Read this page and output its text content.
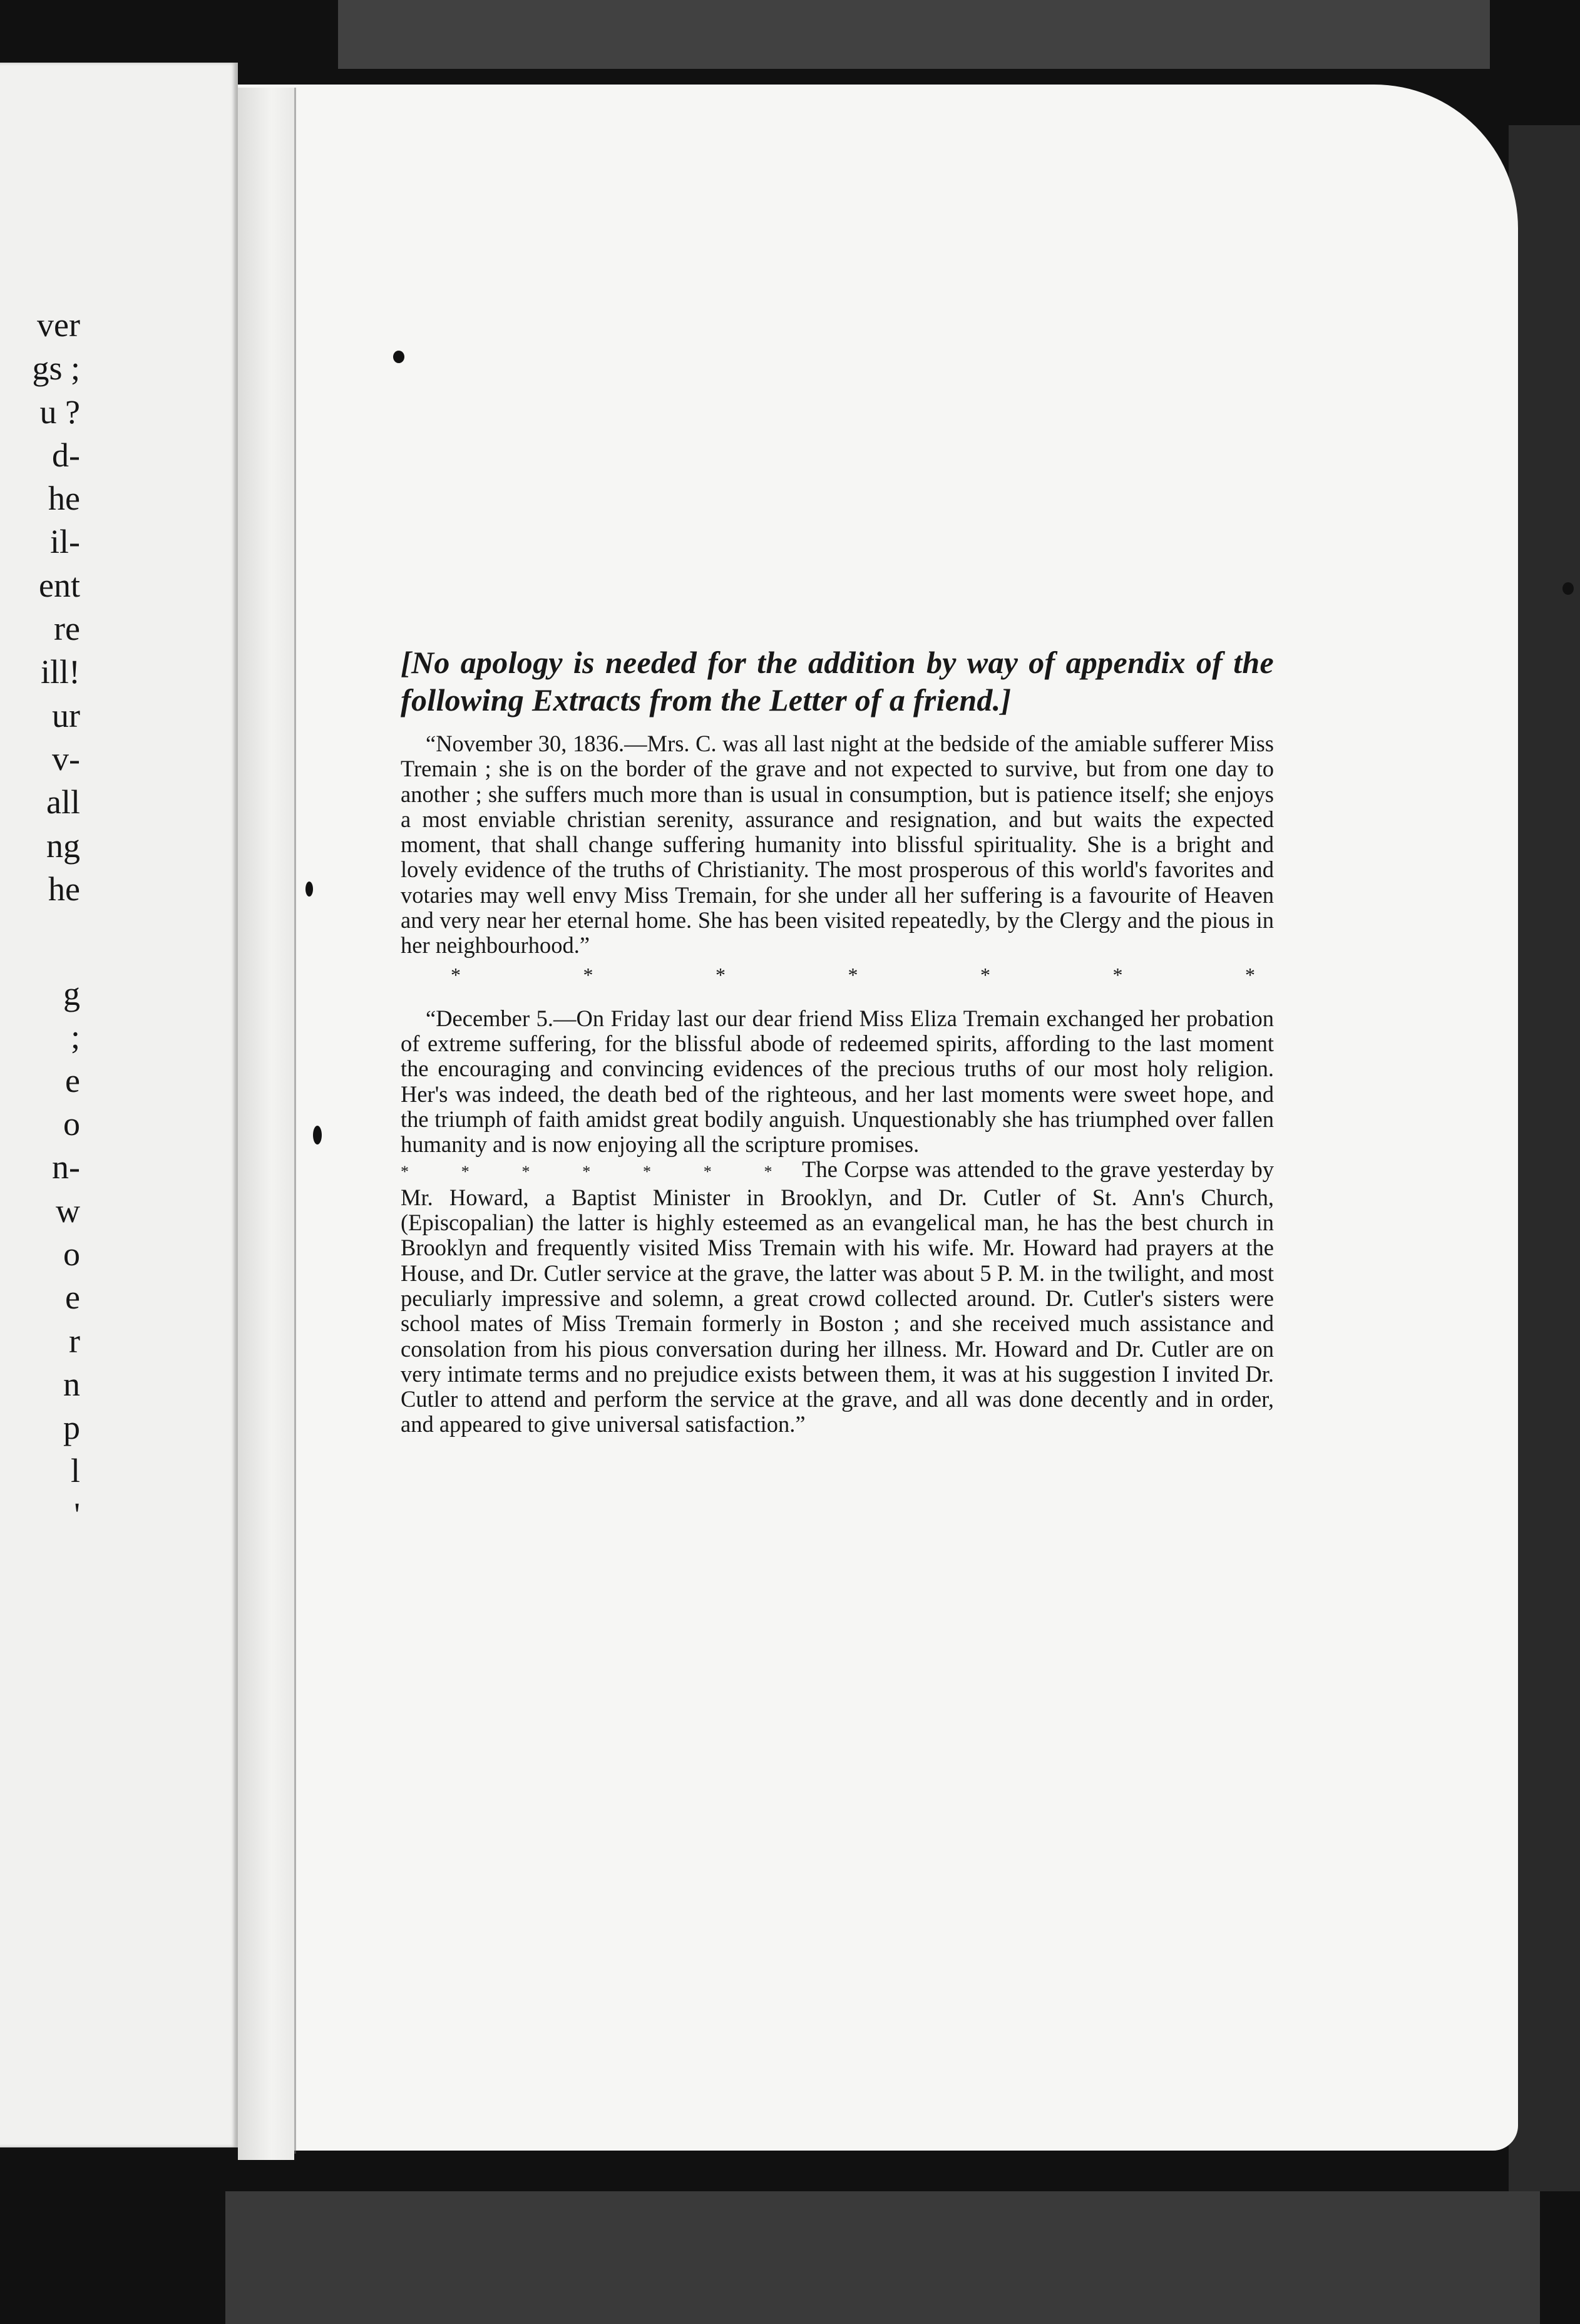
ver
gs ;
u ?
d-
he
il-
ent
re
ill!
ur
v-
all
ng
he
g
;
e
o
n-
w
o
e
r
n
p
l
'

[No apology is needed for the addition by way of appendix of the following Extracts from the Letter of a friend.]

“November 30, 1836.—Mrs. C. was all last night at the bedside of the amiable sufferer Miss Tremain ; she is on the border of the grave and not expected to survive, but from one day to another ; she suffers much more than is usual in consumption, but is patience itself; she enjoys a most enviable christian serenity, assurance and resignation, and but waits the expected moment, that shall change suffering humanity into blissful spirituality. She is a bright and lovely evidence of the truths of Christianity. The most prosperous of this world's favorites and votaries may well envy Miss Tremain, for she under all her suffering is a favourite of Heaven and very near her eternal home. She has been visited repeatedly, by the Clergy and the pious in her neighbourhood.”

*	*	*	*	*	*	*

“December 5.—On Friday last our dear friend Miss Eliza Tremain exchanged her probation of extreme suffering, for the blissful abode of redeemed spirits, affording to the last moment the encouraging and convincing evidences of the precious truths of our most holy religion. Her's was indeed, the death bed of the righteous, and her last moments were sweet hope, and the triumph of faith amidst great bodily anguish. Unquestionably she has triumphed over fallen humanity and is now enjoying all the scripture promises.

* * * * * * * The Corpse was attended to the grave yesterday by Mr. Howard, a Baptist Minister in Brooklyn, and Dr. Cutler of St. Ann's Church, (Episcopalian) the latter is highly esteemed as an evangelical man, he has the best church in Brooklyn and frequently visited Miss Tremain with his wife. Mr. Howard had prayers at the House, and Dr. Cutler service at the grave, the latter was about 5 P. M. in the twilight, and most peculiarly impressive and solemn, a great crowd collected around. Dr. Cutler's sisters were school mates of Miss Tremain formerly in Boston ; and she received much assistance and consolation from his pious conversation during her illness. Mr. Howard and Dr. Cutler are on very intimate terms and no prejudice exists between them, it was at his suggestion I invited Dr. Cutler to attend and perform the service at the grave, and all was done decently and in order, and appeared to give universal satisfaction.”
